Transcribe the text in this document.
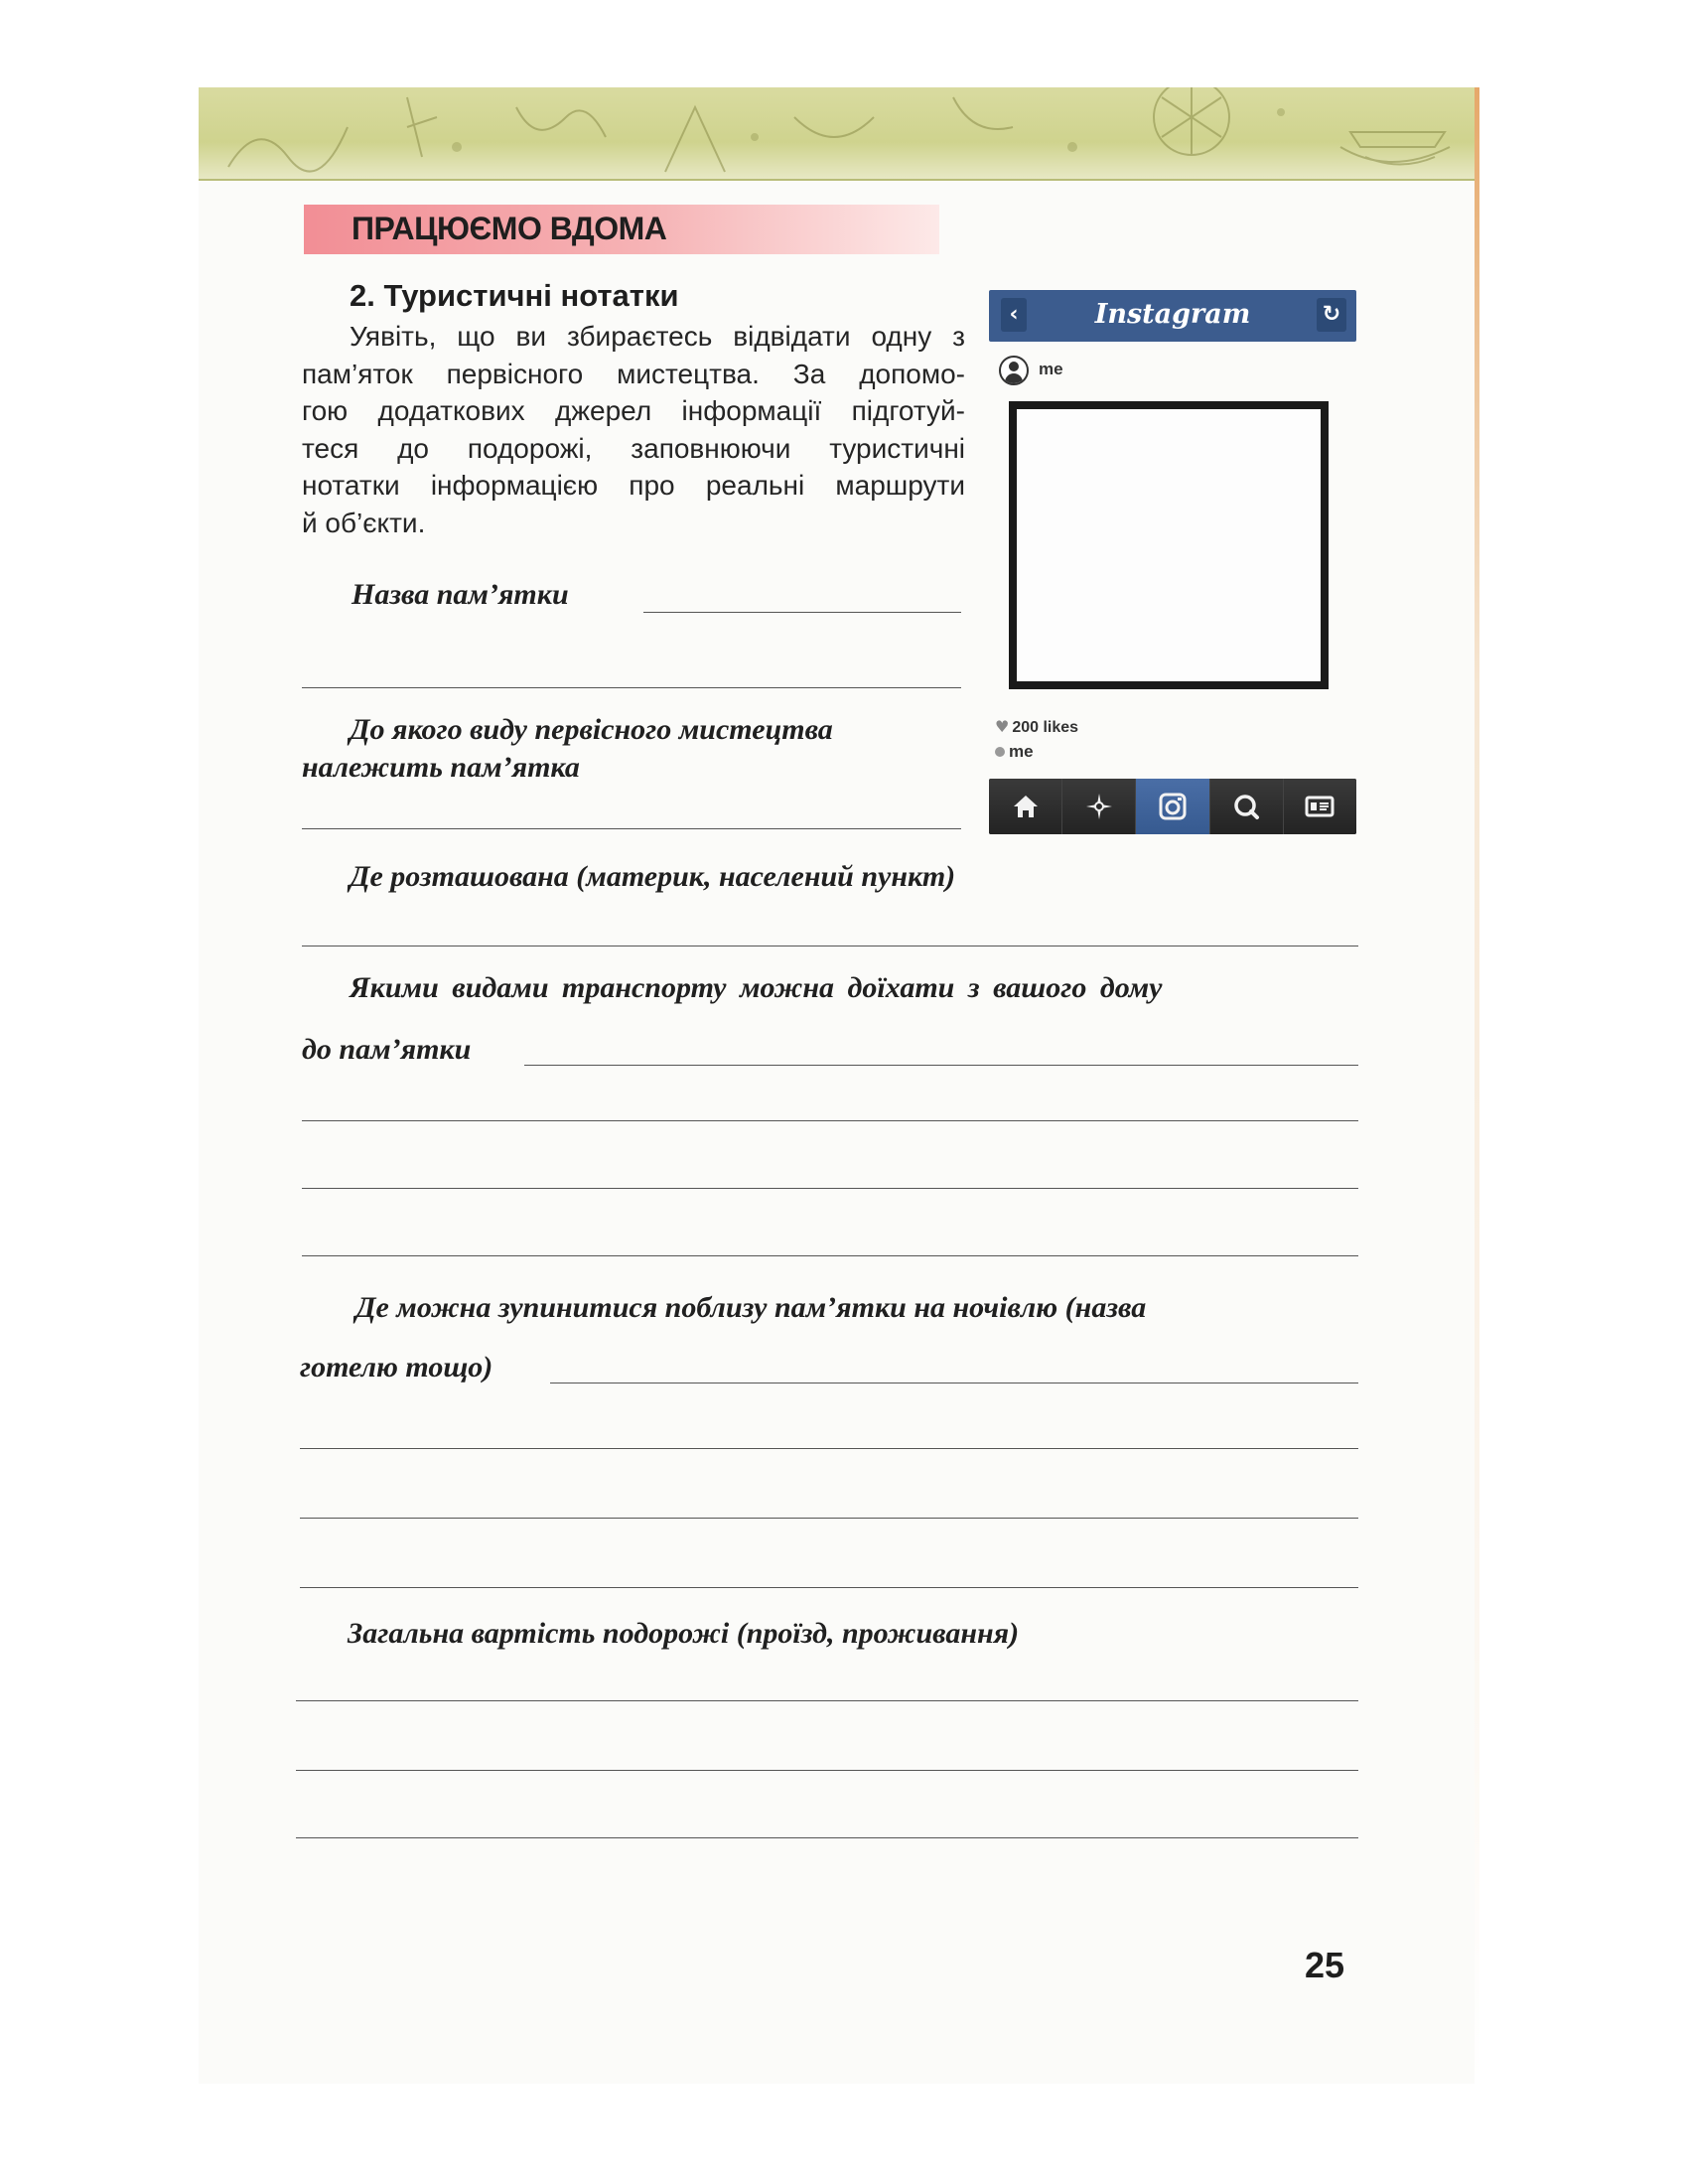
ПРАЦЮЄМО ВДОМА
2. Туристичні нотатки
Уявіть, що ви збираєтесь відвідати одну з
пам’яток первісного мистецтва. За допомо-
гою додаткових джерел інформації підготуй-
теся до подорожі, заповнюючи туристичні
нотатки інформацією про реальні маршрути
й об’єкти.
Назва пам’ятки
До якого виду первісного мистецтва
належить пам’ятка
Де розташована (материк, населений пункт)
Якими видами транспорту можна доїхати з вашого дому
до пам’ятки
Де можна зупинитися поблизу пам’ятки на ночівлю (назва
готелю тощо)
Загальна вартість подорожі (проїзд, проживання)
‹	Instagram	↻
me
♥ 200 likes
me
25
